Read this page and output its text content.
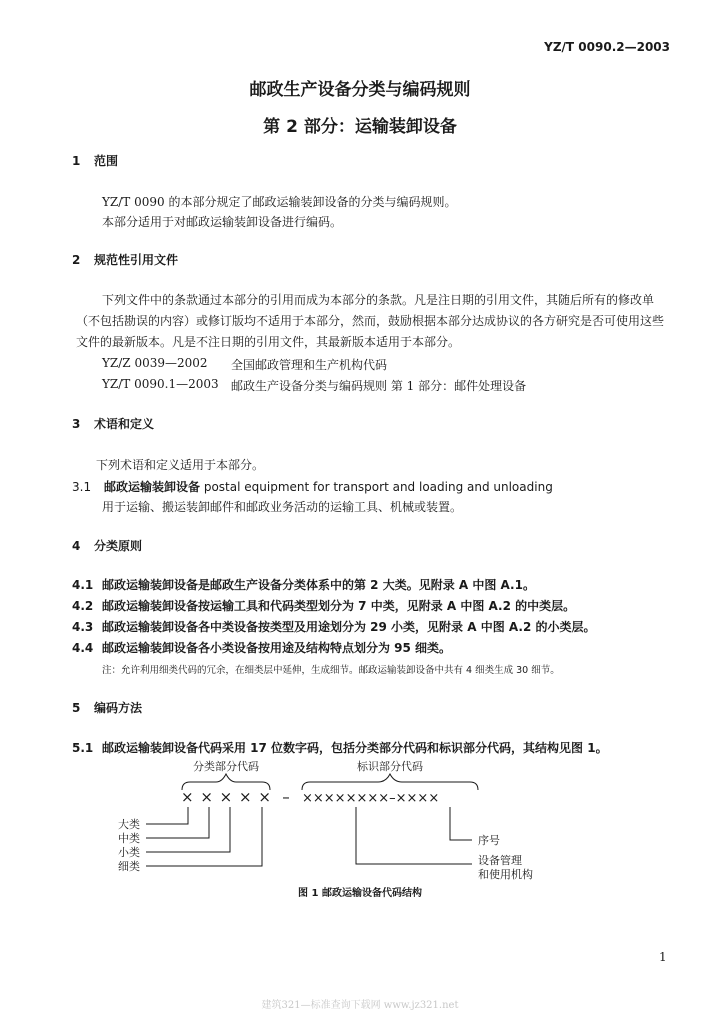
YZ/T 0090.2—2003
邮政生产设备分类与编码规则
第 2 部分：运输装卸设备
1 范围
YZ/T 0090 的本部分规定了邮政运输装卸设备的分类与编码规则。
本部分适用于对邮政运输装卸设备进行编码。
2 规范性引用文件
下列文件中的条款通过本部分的引用而成为本部分的条款。凡是注日期的引用文件，其随后所有的修改单（不包括勘误的内容）或修订版均不适用于本部分，然而，鼓励根据本部分达成协议的各方研究是否可使用这些文件的最新版本。凡是不注日期的引用文件，其最新版本适用于本部分。
YZ/Z 0039—2002 全国邮政管理和生产机构代码
YZ/T 0090.1—2003 邮政生产设备分类与编码规则 第 1 部分：邮件处理设备
3 术语和定义
下列术语和定义适用于本部分。
3.1 邮政运输装卸设备 postal equipment for transport and loading and unloading
用于运输、搬运装卸邮件和邮政业务活动的运输工具、机械或装置。
4 分类原则
4.1 邮政运输装卸设备是邮政生产设备分类体系中的第 2 大类。见附录 A 中图 A.1。
4.2 邮政运输装卸设备按运输工具和代码类型划分为 7 中类，见附录 A 中图 A.2 的中类层。
4.3 邮政运输装卸设备各中类设备按类型及用途划分为 29 小类，见附录 A 中图 A.2 的小类层。
4.4 邮政运输装卸设备各小类设备按用途及结构特点划分为 95 细类。
注：允许利用细类代码的冗余，在细类层中延伸，生成细节。邮政运输装卸设备中共有 4 细类生成 30 细节。
5 编码方法
5.1 邮政运输装卸设备代码采用 17 位数字码，包括分类部分代码和标识部分代码，其结构见图 1。
分类部分代码	标识部分代码
× × × × × – ××××××××–××××
大类
中类
小类
细类
序号
设备管理
和使用机构
图 1 邮政运输设备代码结构
1
建筑321—标准查询下载网 www.jz321.net
